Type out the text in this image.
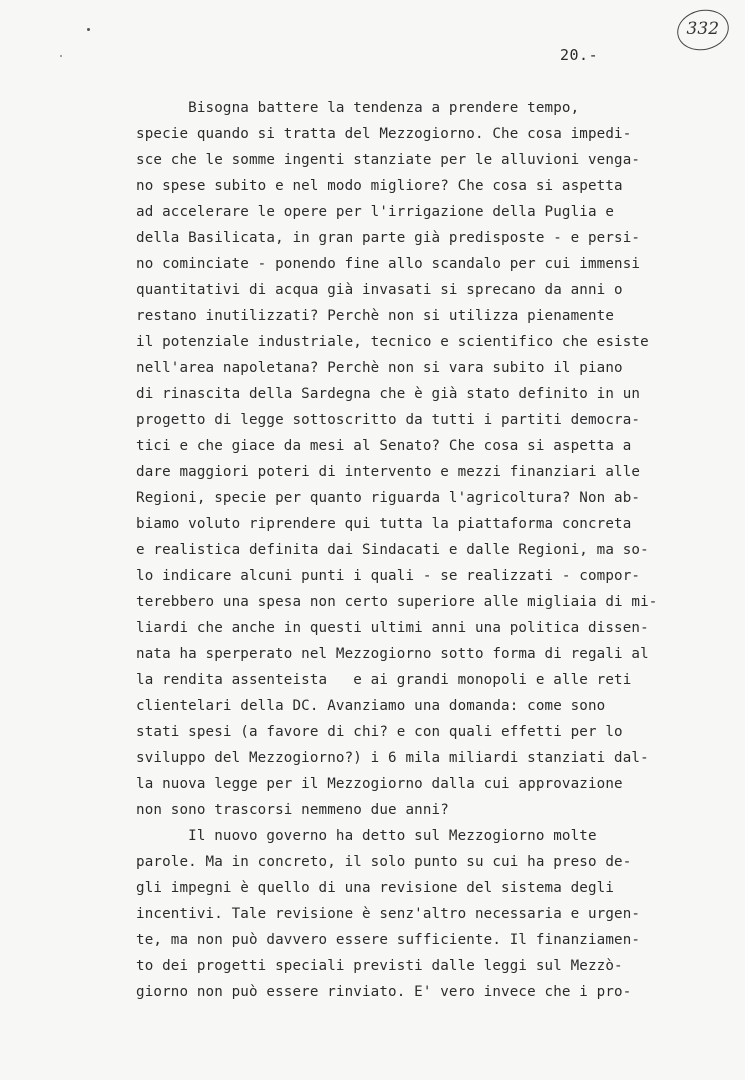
332
20.-
Bisogna battere la tendenza a prendere tempo,
specie quando si tratta del Mezzogiorno. Che cosa impedi-
sce che le somme ingenti stanziate per le alluvioni venga-
no spese subito e nel modo migliore? Che cosa si aspetta
ad accelerare le opere per l'irrigazione della Puglia e
della Basilicata, in gran parte già predisposte - e persi-
no cominciate - ponendo fine allo scandalo per cui immensi
quantitativi di acqua già invasati si sprecano da anni o
restano inutilizzati? Perchè non si utilizza pienamente
il potenziale industriale, tecnico e scientifico che esiste
nell'area napoletana? Perchè non si vara subito il piano
di rinascita della Sardegna che è già stato definito in un
progetto di legge sottoscritto da tutti i partiti democra-
tici e che giace da mesi al Senato? Che cosa si aspetta a
dare maggiori poteri di intervento e mezzi finanziari alle
Regioni, specie per quanto riguarda l'agricoltura? Non ab-
biamo voluto riprendere qui tutta la piattaforma concreta
e realistica definita dai Sindacati e dalle Regioni, ma so-
lo indicare alcuni punti i quali - se realizzati - compor-
terebbero una spesa non certo superiore alle migliaia di mi-
liardi che anche in questi ultimi anni una politica dissen-
nata ha sperperato nel Mezzogiorno sotto forma di regali al
la rendita assenteista   e ai grandi monopoli e alle reti
clientelari della DC. Avanziamo una domanda: come sono
stati spesi (a favore di chi? e con quali effetti per lo
sviluppo del Mezzogiorno?) i 6 mila miliardi stanziati dal-
la nuova legge per il Mezzogiorno dalla cui approvazione
non sono trascorsi nemmeno due anni?
Il nuovo governo ha detto sul Mezzogiorno molte
parole. Ma in concreto, il solo punto su cui ha preso de-
gli impegni è quello di una revisione del sistema degli
incentivi. Tale revisione è senz'altro necessaria e urgen-
te, ma non può davvero essere sufficiente. Il finanziamen-
to dei progetti speciali previsti dalle leggi sul Mezzò-
giorno non può essere rinviato. E' vero invece che i pro-
